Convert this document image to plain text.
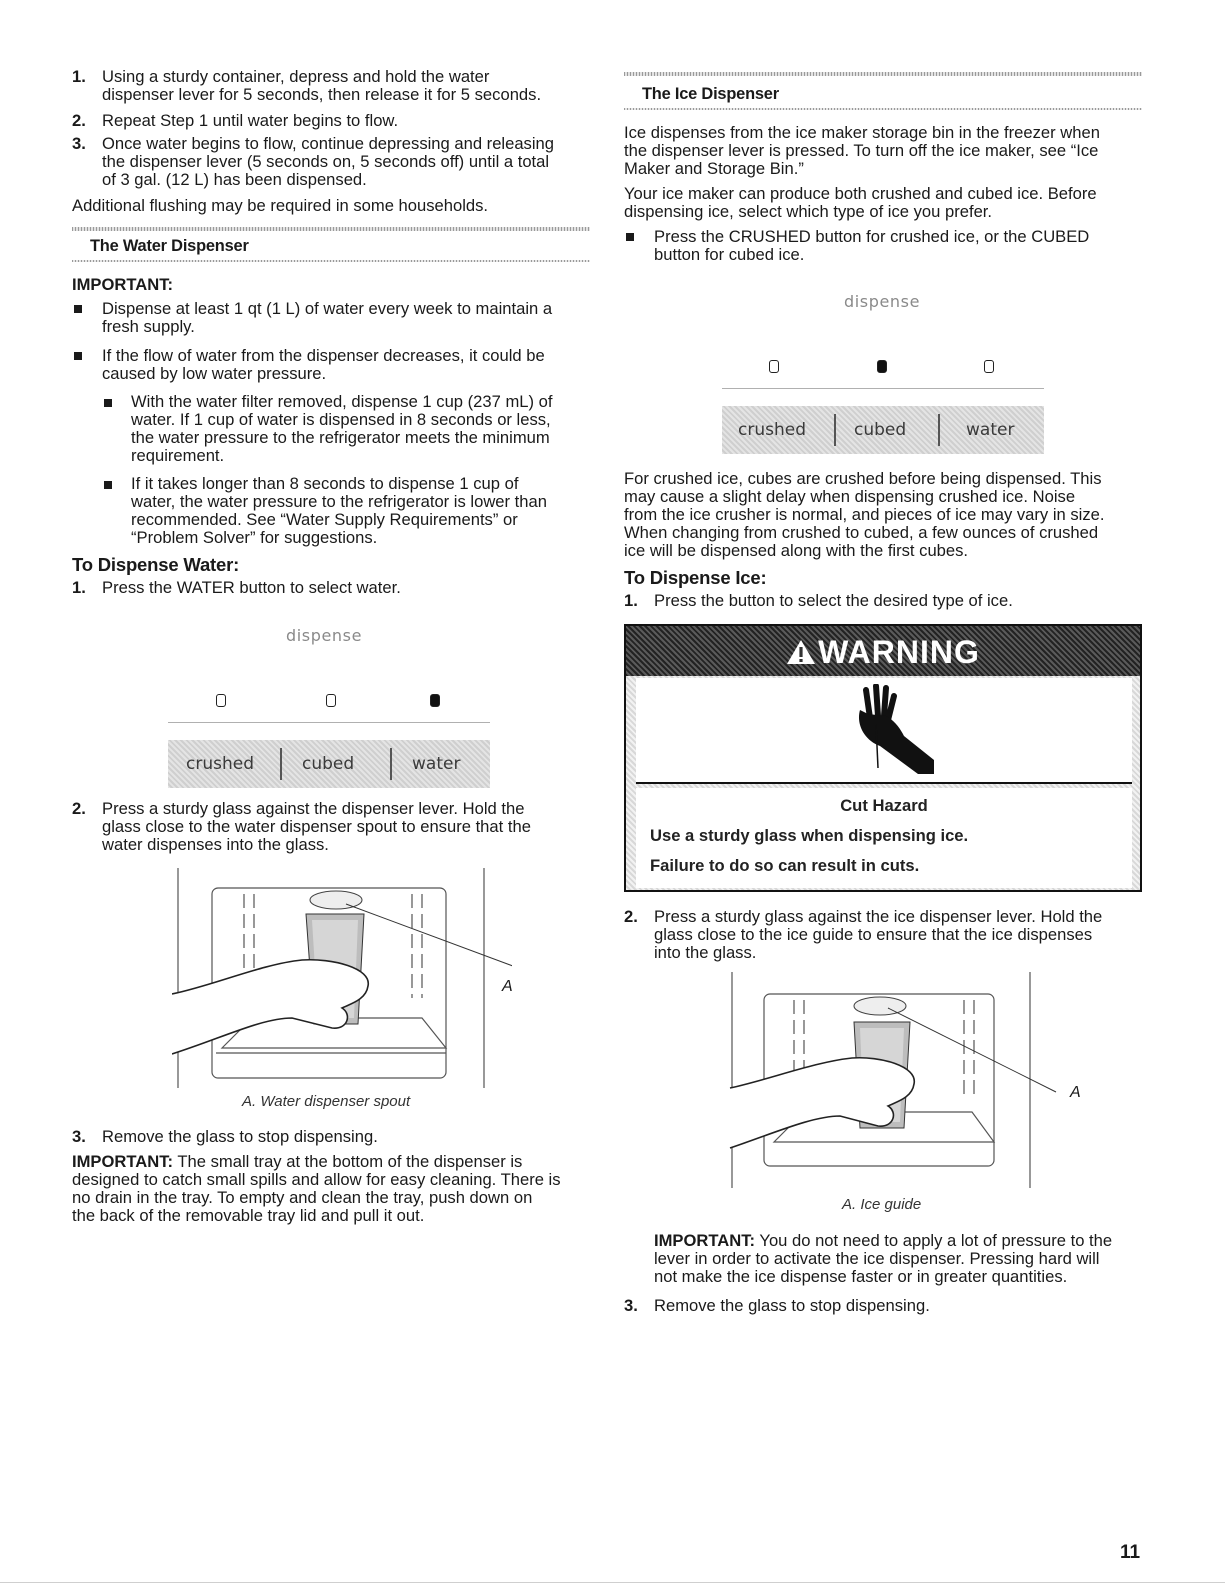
1. Using a sturdy container, depress and hold the water
dispenser lever for 5 seconds, then release it for 5 seconds.

2. Repeat Step 1 until water begins to flow.

3. Once water begins to flow, continue depressing and releasing
the dispenser lever (5 seconds on, 5 seconds off) until a total
of 3 gal. (12 L) has been dispensed.

Additional flushing may be required in some households.

The Water Dispenser
IMPORTANT:

Dispense at least 1 qt (1 L) of water every week to maintain a
fresh supply.

If the flow of water from the dispenser decreases, it could be
caused by low water pressure.

With the water filter removed, dispense 1 cup (237 mL) of
water. If 1 cup of water is dispensed in 8 seconds or less,
the water pressure to the refrigerator meets the minimum
requirement.

If it takes longer than 8 seconds to dispense 1 cup of
water, the water pressure to the refrigerator is lower than
recommended. See “Water Supply Requirements” or
“Problem Solver” for suggestions.

To Dispense Water:
1. Press the WATER button to select water.

dispense
crushed	cubed	water
2. Press a sturdy glass against the dispenser lever. Hold the
glass close to the water dispenser spout to ensure that the
water dispenses into the glass.

A
A. Water dispenser spout
3. Remove the glass to stop dispensing.

IMPORTANT: The small tray at the bottom of the dispenser is
designed to catch small spills and allow for easy cleaning. There is
no drain in the tray. To empty and clean the tray, push down on
the back of the removable tray lid and pull it out.

The Ice Dispenser

Ice dispenses from the ice maker storage bin in the freezer when
the dispenser lever is pressed. To turn off the ice maker, see “Ice
Maker and Storage Bin.”

Your ice maker can produce both crushed and cubed ice. Before
dispensing ice, select which type of ice you prefer.

Press the CRUSHED button for crushed ice, or the CUBED
button for cubed ice.

dispense
crushed	cubed	water

For crushed ice, cubes are crushed before being dispensed. This
may cause a slight delay when dispensing crushed ice. Noise
from the ice crusher is normal, and pieces of ice may vary in size.
When changing from crushed to cubed, a few ounces of crushed
ice will be dispensed along with the first cubes.

To Dispense Ice:
1. Press the button to select the desired type of ice.

2. Press a sturdy glass against the ice dispenser lever. Hold the
glass close to the ice guide to ensure that the ice dispenses
into the glass.

A
A. Ice guide

IMPORTANT: You do not need to apply a lot of pressure to the
lever in order to activate the ice dispenser. Pressing hard will
not make the ice dispense faster or in greater quantities.

3. Remove the glass to stop dispensing.

WARNING
Cut Hazard
Use a sturdy glass when dispensing ice.
Failure to do so can result in cuts.
11
